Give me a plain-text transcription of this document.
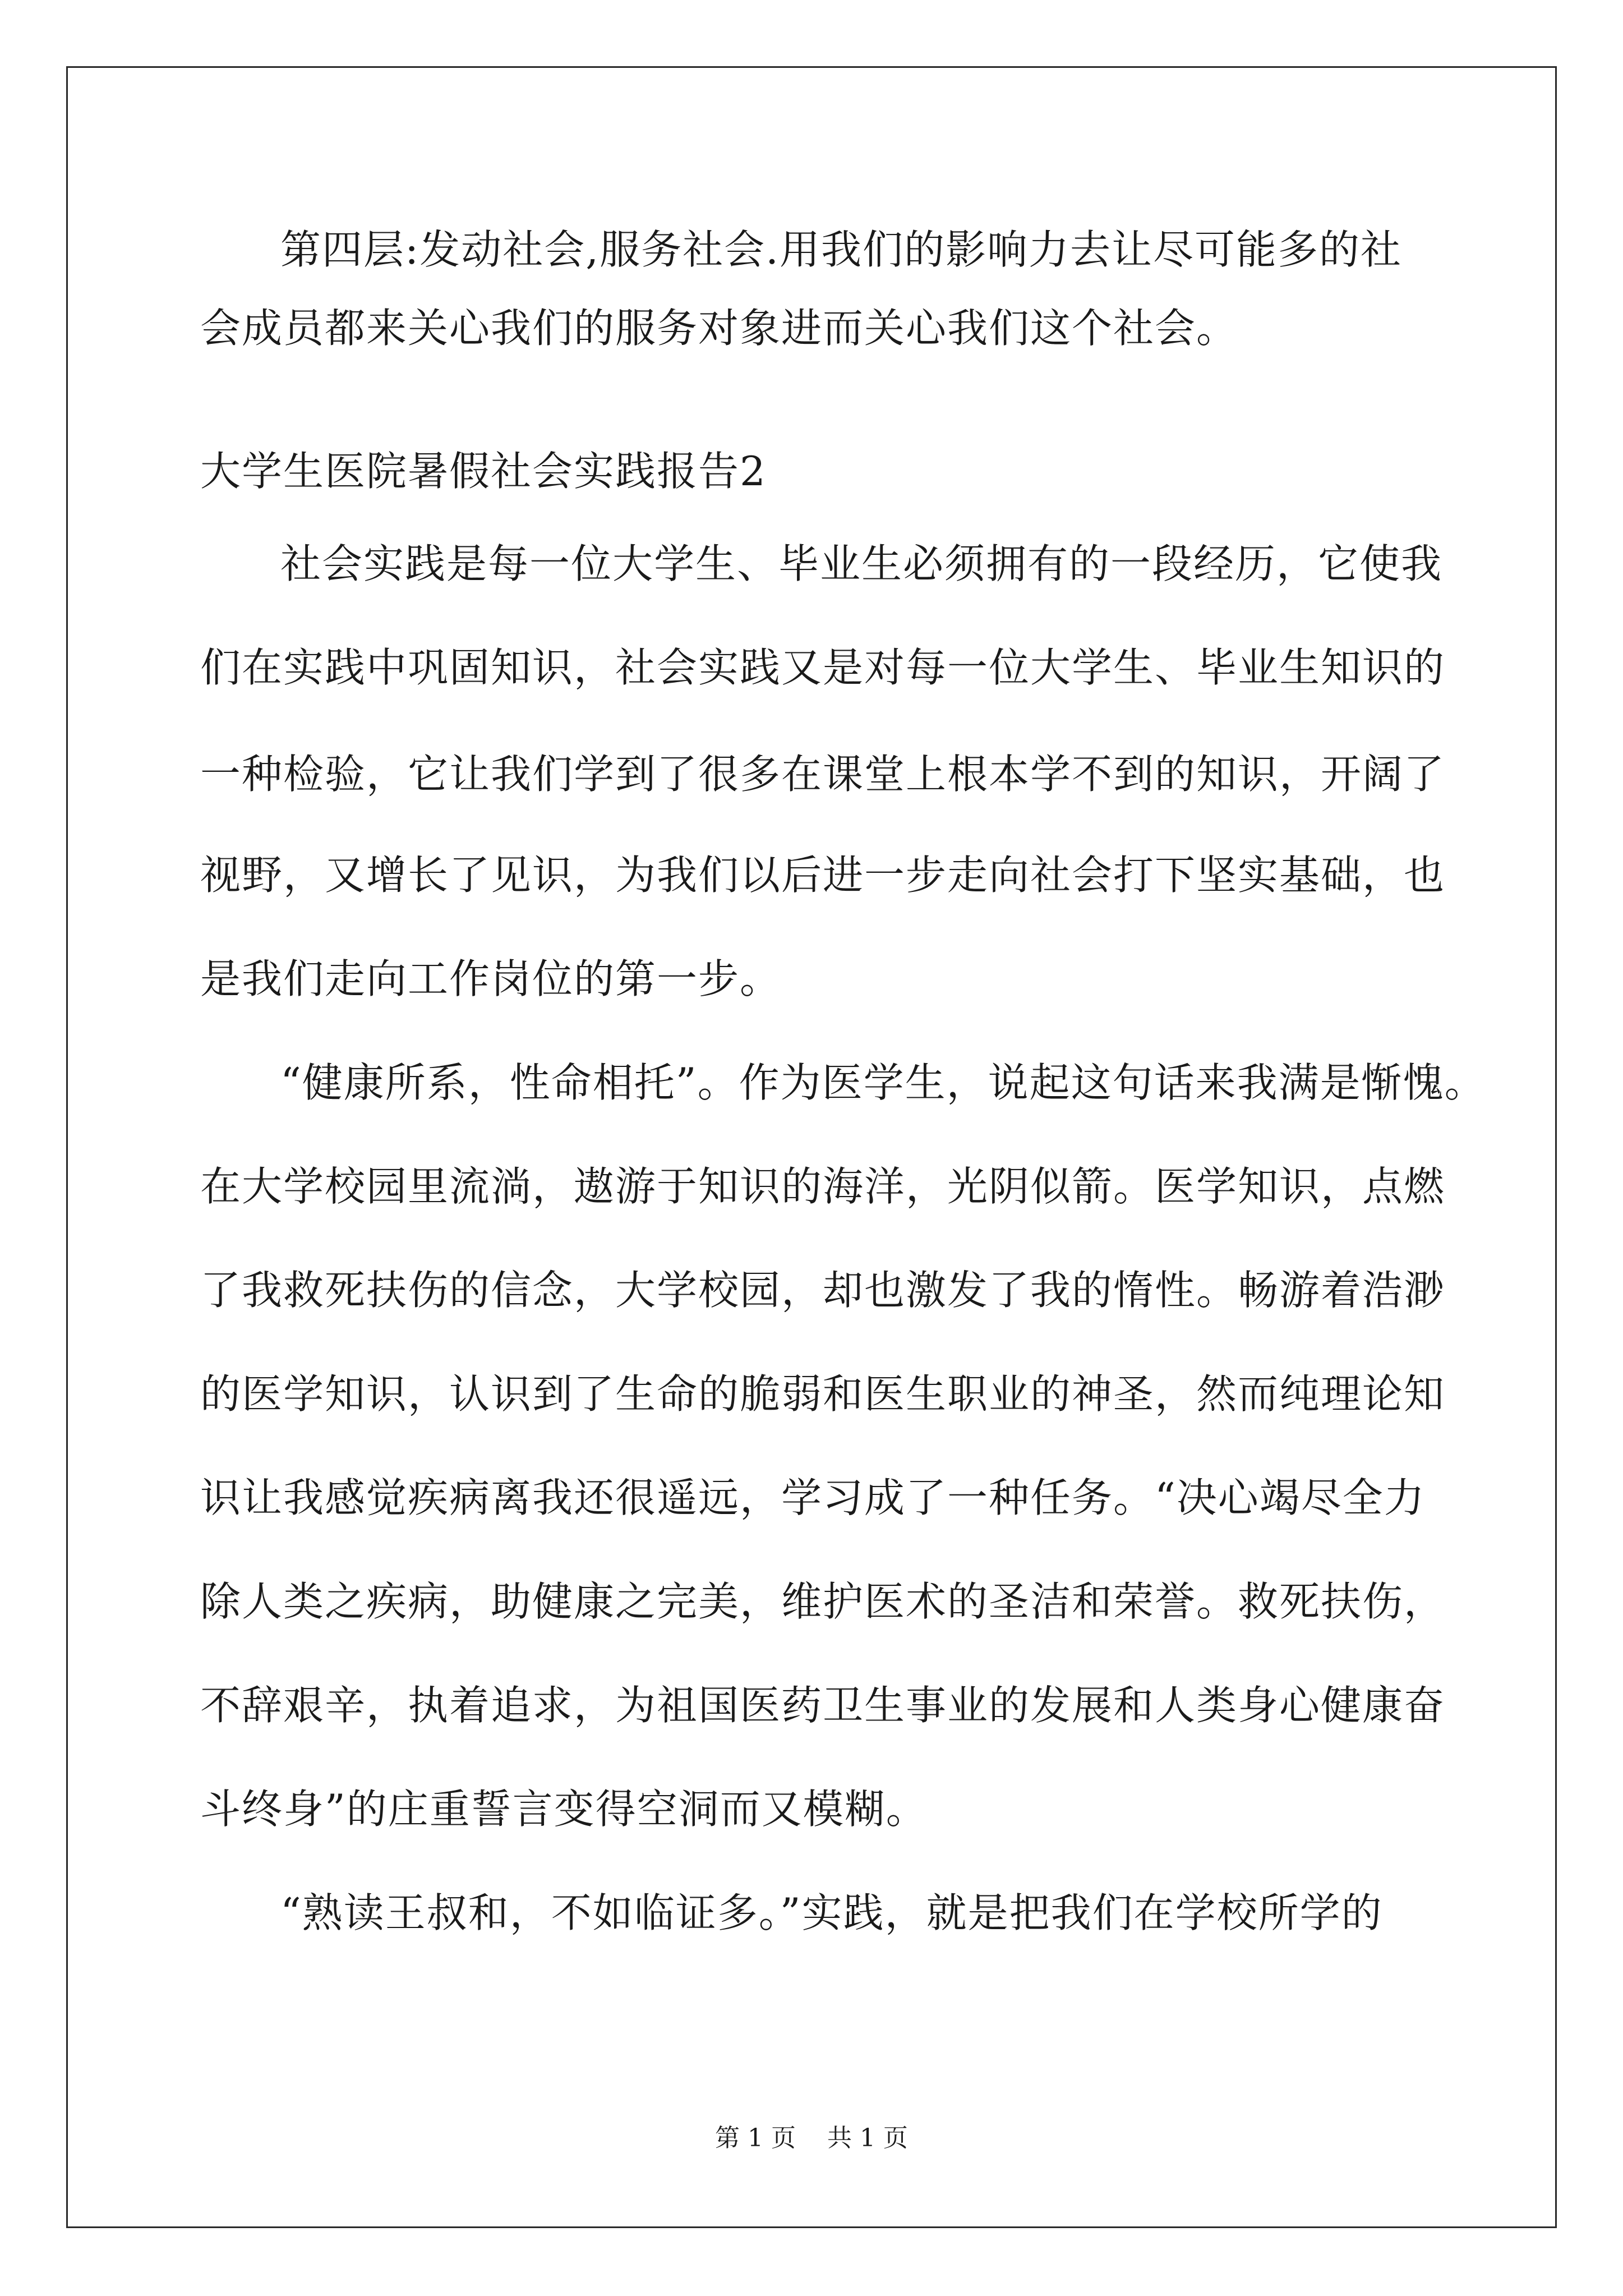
第四层:发动社会,服务社会.用我们的影响力去让尽可能多的社
会成员都来关心我们的服务对象进而关心我们这个社会。
大学生医院暑假社会实践报告2
社会实践是每一位大学生、毕业生必须拥有的一段经历，它使我
们在实践中巩固知识，社会实践又是对每一位大学生、毕业生知识的
一种检验，它让我们学到了很多在课堂上根本学不到的知识，开阔了
视野，又增长了见识，为我们以后进一步走向社会打下坚实基础，也
是我们走向工作岗位的第一步。
“健康所系，性命相托”。作为医学生，说起这句话来我满是惭愧。
在大学校园里流淌，遨游于知识的海洋，光阴似箭。医学知识，点燃
了我救死扶伤的信念，大学校园，却也激发了我的惰性。畅游着浩渺
的医学知识，认识到了生命的脆弱和医生职业的神圣，然而纯理论知
识让我感觉疾病离我还很遥远，学习成了一种任务。“决心竭尽全力
除人类之疾病，助健康之完美，维护医术的圣洁和荣誉。救死扶伤，
不辞艰辛，执着追求，为祖国医药卫生事业的发展和人类身心健康奋
斗终身”的庄重誓言变得空洞而又模糊。
“熟读王叔和，不如临证多。”实践，就是把我们在学校所学的
第 1 页    共 1 页
